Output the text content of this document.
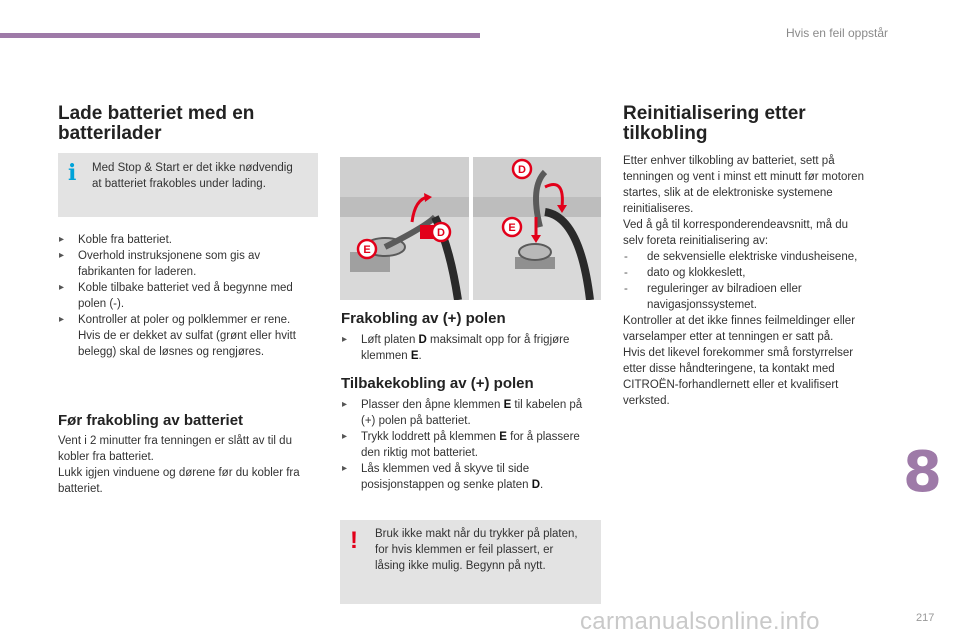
Hvis en feil oppstår
Lade batteriet med en
batterilader
i Med Stop & Start er det ikke nødvendig
at batteriet frakobles under lading.
▸ Koble fra batteriet.
▸ Overhold instruksjonene som gis av
fabrikanten for laderen.
▸ Koble tilbake batteriet ved å begynne med
polen (-).
▸ Kontroller at poler og polklemmer er rene.
Hvis de er dekket av sulfat (grønt eller hvitt
belegg) skal de løsnes og rengjøres.
Før frakobling av batteriet
Vent i 2 minutter fra tenningen er slått av til du
kobler fra batteriet.
Lukk igjen vinduene og dørene før du kobler fra
batteriet.
D
E
D
E
Frakobling av (+) polen
▸ Løft platen D maksimalt opp for å frigjøre
klemmen E.
Tilbakekobling av (+) polen
▸ Plasser den åpne klemmen E til kabelen på
(+) polen på batteriet.
▸ Trykk loddrett på klemmen E for å plassere
den riktig mot batteriet.
▸ Lås klemmen ved å skyve til side
posisjonstappen og senke platen D.
! Bruk ikke makt når du trykker på platen,
for hvis klemmen er feil plassert, er
låsing ikke mulig. Begynn på nytt.
Reinitialisering etter
tilkobling
Etter enhver tilkobling av batteriet, sett på
tenningen og vent i minst ett minutt før motoren
startes, slik at de elektroniske systemene
reinitialiseres.
Ved å gå til korresponderendeavsnitt, må du
selv foreta reinitialisering av:
- de sekvensielle elektriske vindusheisene,
- dato og klokkeslett,
- reguleringer av bilradioen eller
navigasjonssystemet.
Kontroller at det ikke finnes feilmeldinger eller
varselamper etter at tenningen er satt på.
Hvis det likevel forekommer små forstyrrelser
etter disse håndteringene, ta kontakt med
CITROËN-forhandlernett eller et kvalifisert
verksted.
8
217
carmanualsonline.info
